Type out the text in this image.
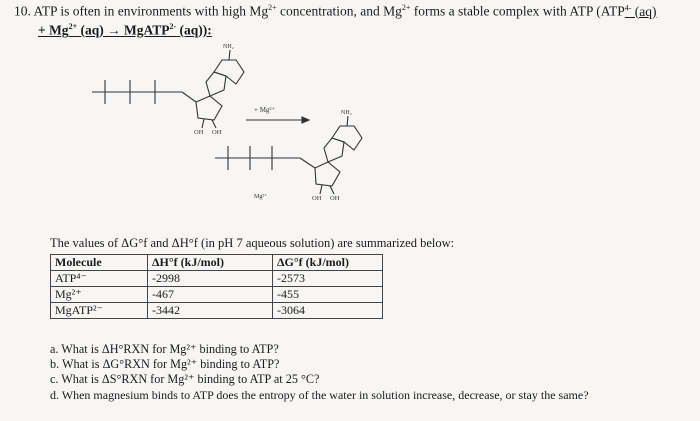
10. ATP is often in environments with high $Mg^{2+}$ concentration, and $Mg^{2+}$ forms a stable complex with ATP ($ATP^{4-}$ (aq)
+ $Mg^{2+}$ (aq) → MgATP$^{2-}$ (aq)):
NH₂
NH₂
+ Mg²⁺
Mg²⁺
OH OH
OH OH
The values of ΔG°f and ΔH°f (in pH 7 aqueous solution) are summarized below:
Molecule	ΔH°f (kJ/mol)	ΔG°f (kJ/mol)
ATP⁴⁻	-2998	-2573
Mg²⁺	-467	-455
MgATP²⁻	-3442	-3064
a. What is ΔH°RXN for Mg²⁺ binding to ATP?
b. What is ΔG°RXN for Mg²⁺ binding to ATP?
c. What is ΔS°RXN for Mg²⁺ binding to ATP at 25 °C?
d. When magnesium binds to ATP does the entropy of the water in solution increase, decrease, or stay the same?
